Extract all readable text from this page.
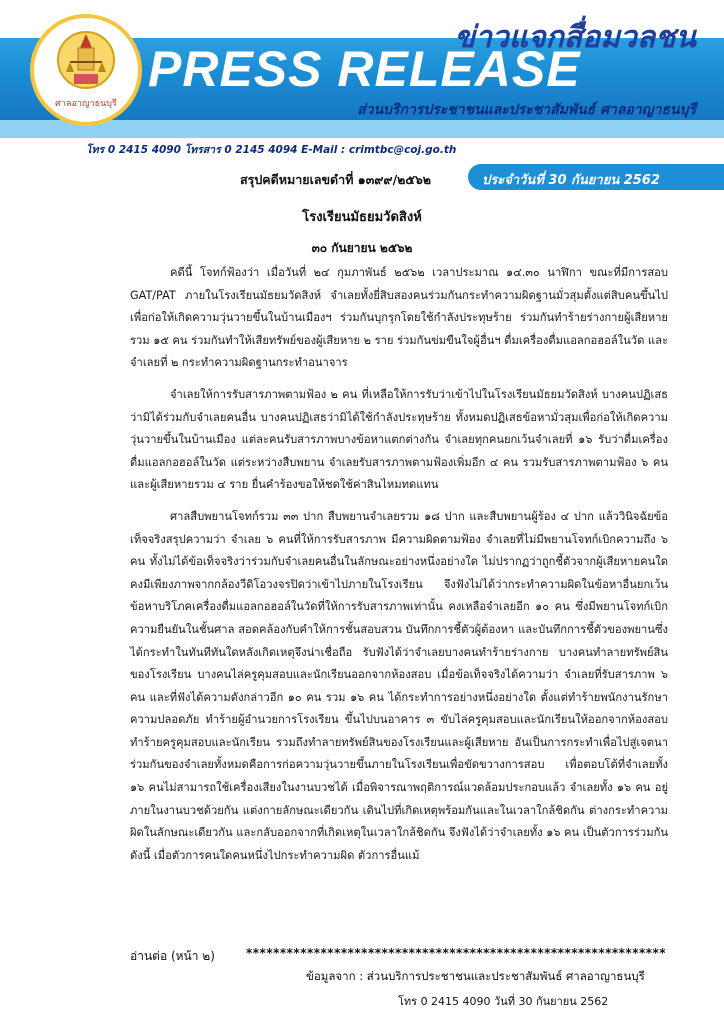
ข่าวแจกสื่อมวลชน
PRESS RELEASE
ส่วนบริการประชาชนและประชาสัมพันธ์ ศาลอาญาธนบุรี
ศาลอาญาธนบุรี
โทร 0 2415 4090 โทรสาร 0 2145 4094 E-Mail : crimtbc@coj.go.th
ประจำวันที่ 30 กันยายน 2562
สรุปคดีหมายเลขดำที่ ๑๓๙๙/๒๕๖๒
โรงเรียนมัธยมวัดสิงห์
๓๐ กันยายน ๒๕๖๒

คดีนี้ โจทก์ฟ้องว่า เมื่อวันที่ ๒๔ กุมภาพันธ์ ๒๕๖๒ เวลาประมาณ ๑๔.๓๐ นาฬิกา ขณะที่มีการสอบ GAT/PAT ภายในโรงเรียนมัธยมวัดสิงห์ จำเลยทั้งยี่สิบสองคนร่วมกันกระทำความผิดฐานมั่วสุมตั้งแต่สิบคนขึ้นไป เพื่อก่อให้เกิดความวุ่นวายขึ้นในบ้านเมืองฯ ร่วมกันบุกรุกโดยใช้กำลังประทุษร้าย ร่วมกันทำร้ายร่างกายผู้เสียหายรวม ๑๕ คน ร่วมกันทำให้เสียทรัพย์ของผู้เสียหาย ๒ ราย ร่วมกันข่มขืนใจผู้อื่นฯ ดื่มเครื่องดื่มแอลกอฮอล์ในวัด และจำเลยที่ ๒ กระทำความผิดฐานกระทำอนาจาร

จำเลยให้การรับสารภาพตามฟ้อง ๒ คน ที่เหลือให้การรับว่าเข้าไปในโรงเรียนมัธยมวัดสิงห์ บางคนปฏิเสธว่ามิได้ร่วมกับจำเลยคนอื่น บางคนปฏิเสธว่ามิได้ใช้กำลังประทุษร้าย ทั้งหมดปฏิเสธข้อหามั่วสุมเพื่อก่อให้เกิดความวุ่นวายขึ้นในบ้านเมือง แต่ละคนรับสารภาพบางข้อหาแตกต่างกัน จำเลยทุกคนยกเว้นจำเลยที่ ๑๖ รับว่าดื่มเครื่องดื่มแอลกอฮอล์ในวัด แต่ระหว่างสืบพยาน จำเลยรับสารภาพตามฟ้องเพิ่มอีก ๔ คน รวมรับสารภาพตามฟ้อง ๖ คน และผู้เสียหายรวม ๔ ราย ยื่นคำร้องขอให้ชดใช้ค่าสินไหมทดแทน

ศาลสืบพยานโจทก์รวม ๓๓ ปาก สืบพยานจำเลยรวม ๑๘ ปาก และสืบพยานผู้ร้อง ๔ ปาก แล้ววินิจฉัยข้อเท็จจริงสรุปความว่า จำเลย ๖ คนที่ให้การรับสารภาพ มีความผิดตามฟ้อง จำเลยที่ไม่มีพยานโจทก์เบิกความถึง ๖ คน ทั้งไม่ได้ข้อเท็จจริงว่าร่วมกับจำเลยคนอื่นในลักษณะอย่างหนึ่งอย่างใด ไม่ปรากฏว่าถูกชี้ตัวจากผู้เสียหายคนใด คงมีเพียงภาพจากกล้องวีดิโอวงจรปิดว่าเข้าไปภายในโรงเรียน จึงฟังไม่ได้ว่ากระทำความผิดในข้อหาอื่นยกเว้นข้อหาบริโภคเครื่องดื่มแอลกอฮอล์ในวัดที่ให้การรับสารภาพเท่านั้น คงเหลือจำเลยอีก ๑๐ คน ซึ่งมีพยานโจทก์เบิกความยืนยันในชั้นศาล สอดคล้องกับคำให้การชั้นสอบสวน บันทึกการชี้ตัวผู้ต้องหา และบันทึกการชี้ตัวของพยานซึ่งได้กระทำในทันทีทันใดหลังเกิดเหตุจึงน่าเชื่อถือ รับฟังได้ว่าจำเลยบางคนทำร้ายร่างกาย บางคนทำลายทรัพย์สินของโรงเรียน บางคนไล่ครูคุมสอบและนักเรียนออกจากห้องสอบ เมื่อข้อเท็จจริงได้ความว่า จำเลยที่รับสารภาพ ๖ คน และที่ฟังได้ความดังกล่าวอีก ๑๐ คน รวม ๑๖ คน ได้กระทำการอย่างหนึ่งอย่างใด ตั้งแต่ทำร้ายพนักงานรักษาความปลอดภัย ทำร้ายผู้อำนวยการโรงเรียน ขึ้นไปบนอาคาร ๓ ขับไล่ครูคุมสอบและนักเรียนให้ออกจากห้องสอบ ทำร้ายครูคุมสอบและนักเรียน รวมถึงทำลายทรัพย์สินของโรงเรียนและผู้เสียหาย อันเป็นการกระทำเพื่อไปสู่เจตนาร่วมกันของจำเลยทั้งหมดคือการก่อความวุ่นวายขึ้นภายในโรงเรียนเพื่อขัดขวางการสอบ เพื่อตอบโต้ที่จำเลยทั้ง ๑๖ คนไม่สามารถใช้เครื่องเสียงในงานบวชได้ เมื่อพิจารณาพฤติการณ์แวดล้อมประกอบแล้ว จำเลยทั้ง ๑๖ คน อยู่ภายในงานบวชด้วยกัน แต่งกายลักษณะเดียวกัน เดินไปที่เกิดเหตุพร้อมกันและในเวลาใกล้ชิดกัน ต่างกระทำความผิดในลักษณะเดียวกัน และกลับออกจากที่เกิดเหตุในเวลาใกล้ชิดกัน จึงฟังได้ว่าจำเลยทั้ง ๑๖ คน เป็นตัวการร่วมกัน ดังนี้ เมื่อตัวการคนใดคนหนึ่งไปกระทำความผิด ตัวการอื่นแม้

อ่านต่อ (หน้า ๒)	**************************************************************
ข้อมูลจาก : ส่วนบริการประชาชนและประชาสัมพันธ์ ศาลอาญาธนบุรี
โทร 0 2415 4090 วันที่ 30 กันยายน 2562
